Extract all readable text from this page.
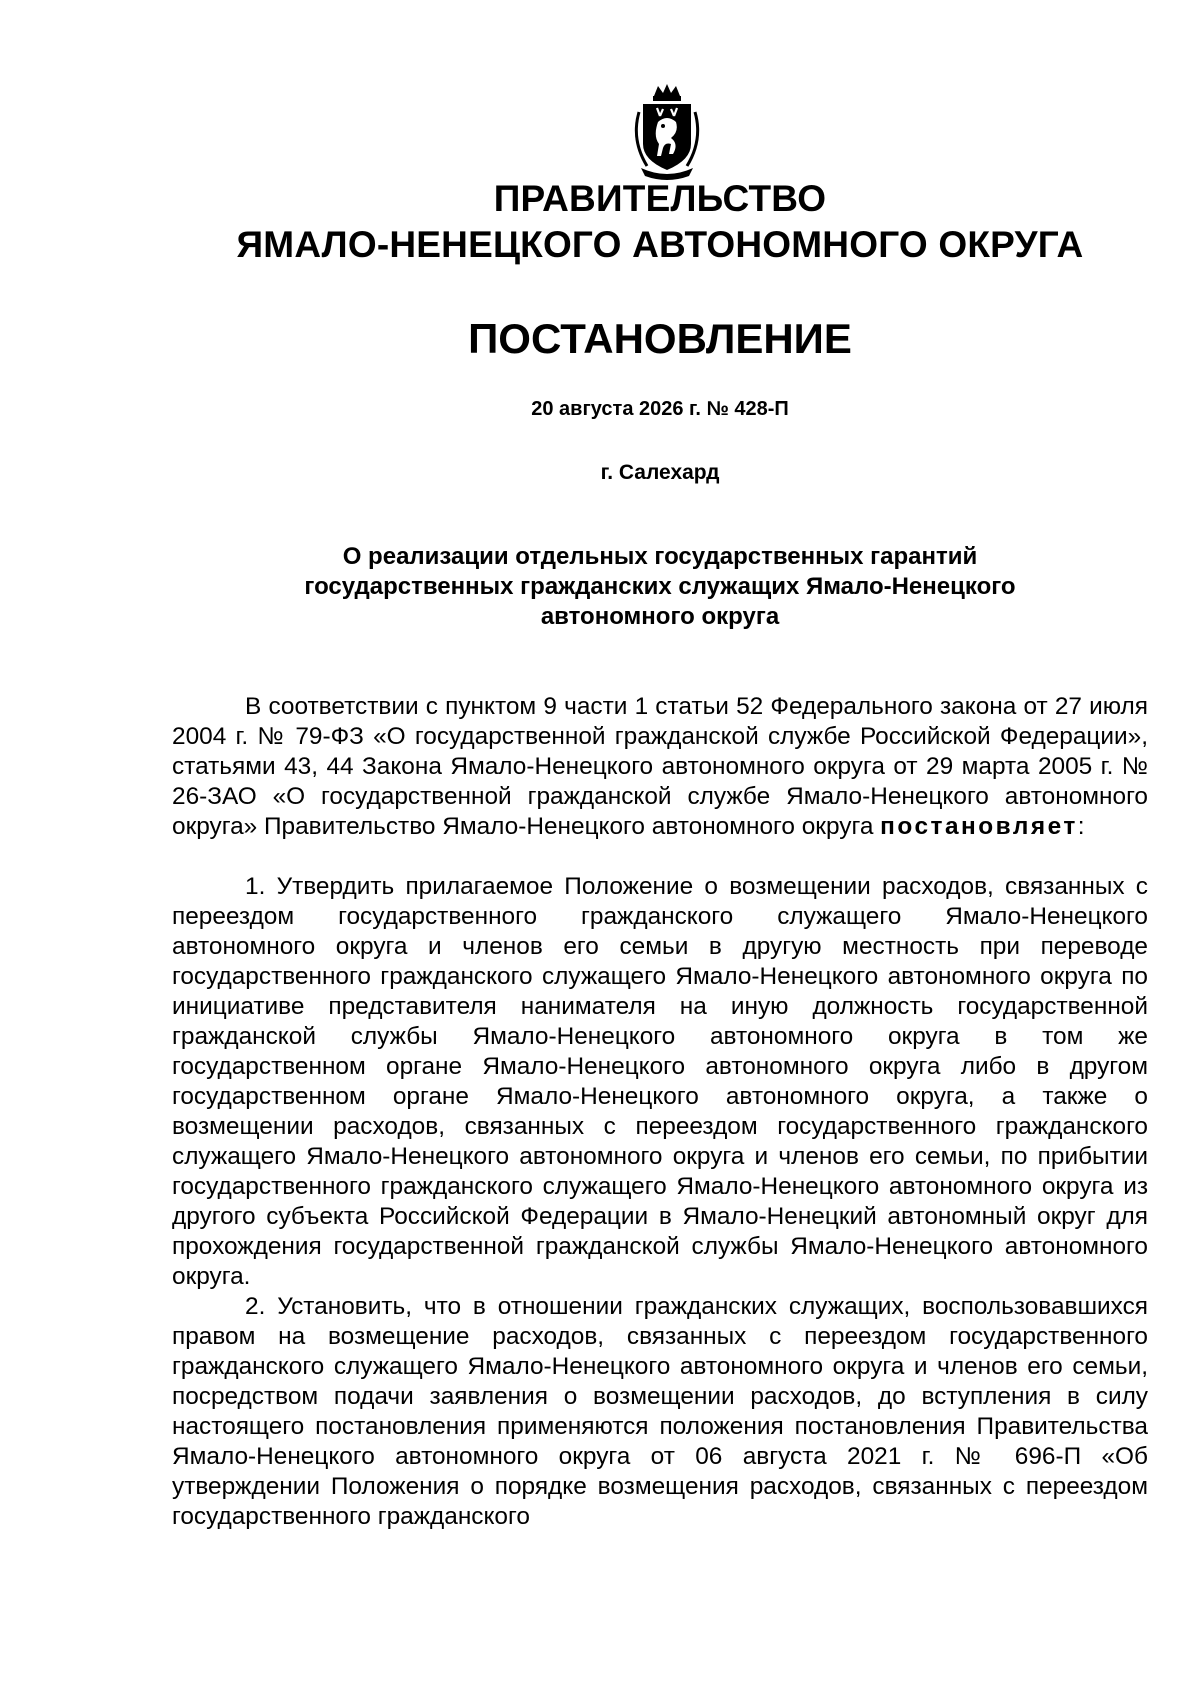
ПРАВИТЕЛЬСТВО
ЯМАЛО-НЕНЕЦКОГО АВТОНОМНОГО ОКРУГА
ПОСТАНОВЛЕНИЕ
20 августа 2026 г. № 428-П
г. Салехард
О реализации отдельных государственных гарантий
государственных гражданских служащих Ямало-Ненецкого
автономного округа

В соответствии с пунктом 9 части 1 статьи 52 Федерального закона от 27 июля 2004 г. № 79-ФЗ «О государственной гражданской службе Российской Федерации», статьями 43, 44 Закона Ямало-Ненецкого автономного округа от 29 марта 2005 г. № 26-ЗАО «О государственной гражданской службе Ямало-Ненецкого автономного округа» Правительство Ямало-Ненецкого автономного округа постановляет:

1. Утвердить прилагаемое Положение о возмещении расходов, связанных с переездом государственного гражданского служащего Ямало-Ненецкого автономного округа и членов его семьи в другую местность при переводе государственного гражданского служащего Ямало-Ненецкого автономного округа по инициативе представителя нанимателя на иную должность государственной гражданской службы Ямало-Ненецкого автономного округа в том же государственном органе Ямало-Ненецкого автономного округа либо в другом государственном органе Ямало-Ненецкого автономного округа, а также о возмещении расходов, связанных с переездом государственного гражданского служащего Ямало-Ненецкого автономного округа и членов его семьи, по прибытии государственного гражданского служащего Ямало-Ненецкого автономного округа из другого субъекта Российской Федерации в Ямало-Ненецкий автономный округ для прохождения государственной гражданской службы Ямало-Ненецкого автономного округа.

2. Установить, что в отношении гражданских служащих, воспользовавшихся правом на возмещение расходов, связанных с переездом государственного гражданского служащего Ямало-Ненецкого автономного округа и членов его семьи, посредством подачи заявления о возмещении расходов, до вступления в силу настоящего постановления применяются положения постановления Правительства Ямало-Ненецкого автономного округа от 06 августа 2021 г. № 696-П «Об утверждении Положения о порядке возмещения расходов, связанных с переездом государственного гражданского
